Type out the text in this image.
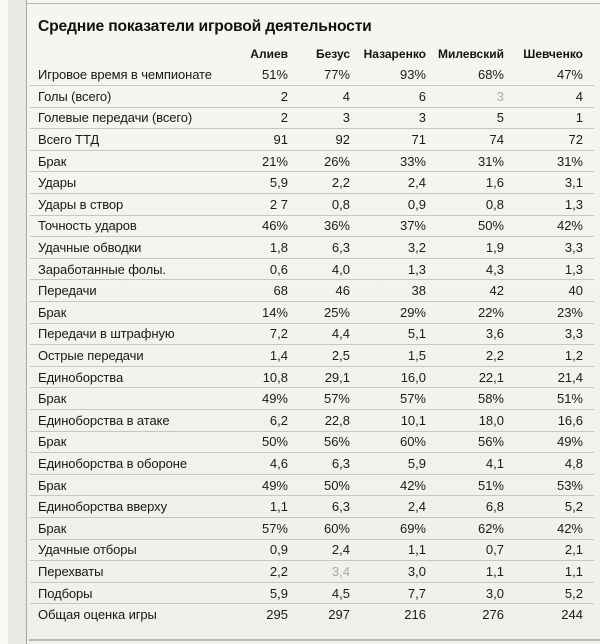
Средние показатели игровой деятельности
	Алиев	Безус	Назаренко	Милевский	Шевченко
Игровое время в чемпионате	51%	77%	93%	68%	47%
Голы (всего)	2	4	6	3	4
Голевые передачи (всего)	2	3	3	5	1
Всего ТТД	91	92	71	74	72
Брак	21%	26%	33%	31%	31%
Удары	5,9	2,2	2,4	1,6	3,1
Удары в створ	2 7	0,8	0,9	0,8	1,3
Точность ударов	46%	36%	37%	50%	42%
Удачные обводки	1,8	6,3	3,2	1,9	3,3
Заработанные фолы.	0,6	4,0	1,3	4,3	1,3
Передачи	68	46	38	42	40
Брак	14%	25%	29%	22%	23%
Передачи в штрафную	7,2	4,4	5,1	3,6	3,3
Острые передачи	1,4	2,5	1,5	2,2	1,2
Единоборства	10,8	29,1	16,0	22,1	21,4
Брак	49%	57%	57%	58%	51%
Единоборства в атаке	6,2	22,8	10,1	18,0	16,6
Брак	50%	56%	60%	56%	49%
Единоборства в обороне	4,6	6,3	5,9	4,1	4,8
Брак	49%	50%	42%	51%	53%
Единоборства вверху	1,1	6,3	2,4	6,8	5,2
Брак	57%	60%	69%	62%	42%
Удачные отборы	0,9	2,4	1,1	0,7	2,1
Перехваты	2,2	3,4	3,0	1,1	1,1
Подборы	5,9	4,5	7,7	3,0	5,2
Общая оценка игры	295	297	216	276	244
